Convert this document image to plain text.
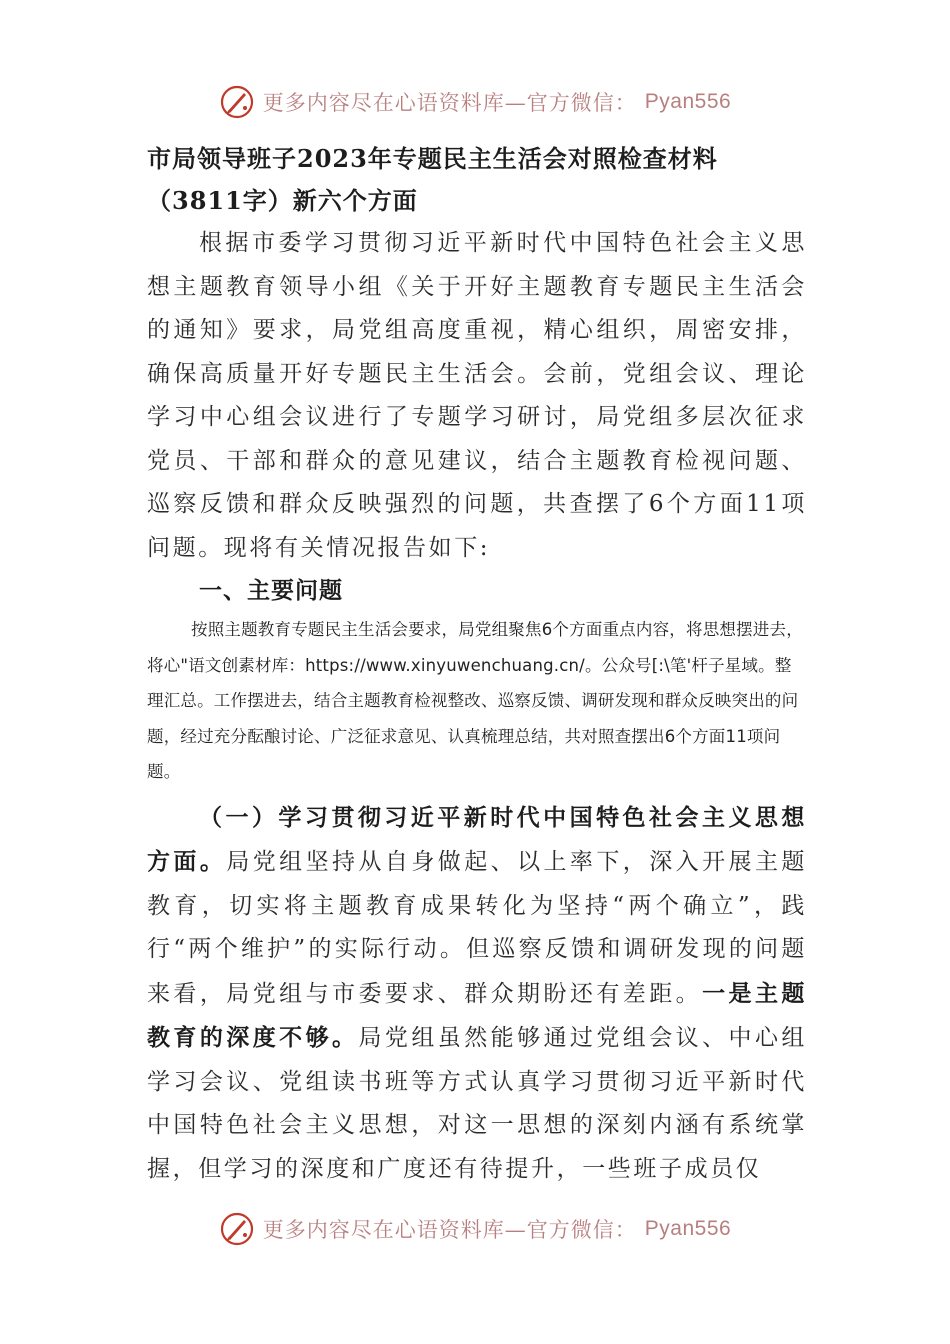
更多内容尽在心语资料库—官方微信： Pyan556
市局领导班子2023年专题民主生活会对照检查材料（3811字）新六个方面

根据市委学习贯彻习近平新时代中国特色社会主义思想主题教育领导小组《关于开好主题教育专题民主生活会的通知》要求，局党组高度重视，精心组织，周密安排，确保高质量开好专题民主生活会。会前，党组会议、理论学习中心组会议进行了专题学习研讨，局党组多层次征求党员、干部和群众的意见建议，结合主题教育检视问题、巡察反馈和群众反映强烈的问题，共查摆了6个方面11项问题。现将有关情况报告如下:

一、主要问题

按照主题教育专题民主生活会要求，局党组聚焦6个方面重点内容，将思想摆进去，将心"语文创素材库：https://www.xinyuwenchuang.cn/。公众号[:\笔'杆子星域。整理汇总。工作摆进去，结合主题教育检视整改、巡察反馈、调研发现和群众反映突出的问题，经过充分酝酿讨论、广泛征求意见、认真梳理总结，共对照查摆出6个方面11项问题。

（一）学习贯彻习近平新时代中国特色社会主义思想方面。局党组坚持从自身做起、以上率下，深入开展主题教育，切实将主题教育成果转化为坚持“两个确立”，践行“两个维护”的实际行动。但巡察反馈和调研发现的问题来看，局党组与市委要求、群众期盼还有差距。一是主题教育的深度不够。局党组虽然能够通过党组会议、中心组学习会议、党组读书班等方式认真学习贯彻习近平新时代中国特色社会主义思想，对这一思想的深刻内涵有系统掌握，但学习的深度和广度还有待提升，一些班子成员仅

更多内容尽在心语资料库—官方微信： Pyan556
